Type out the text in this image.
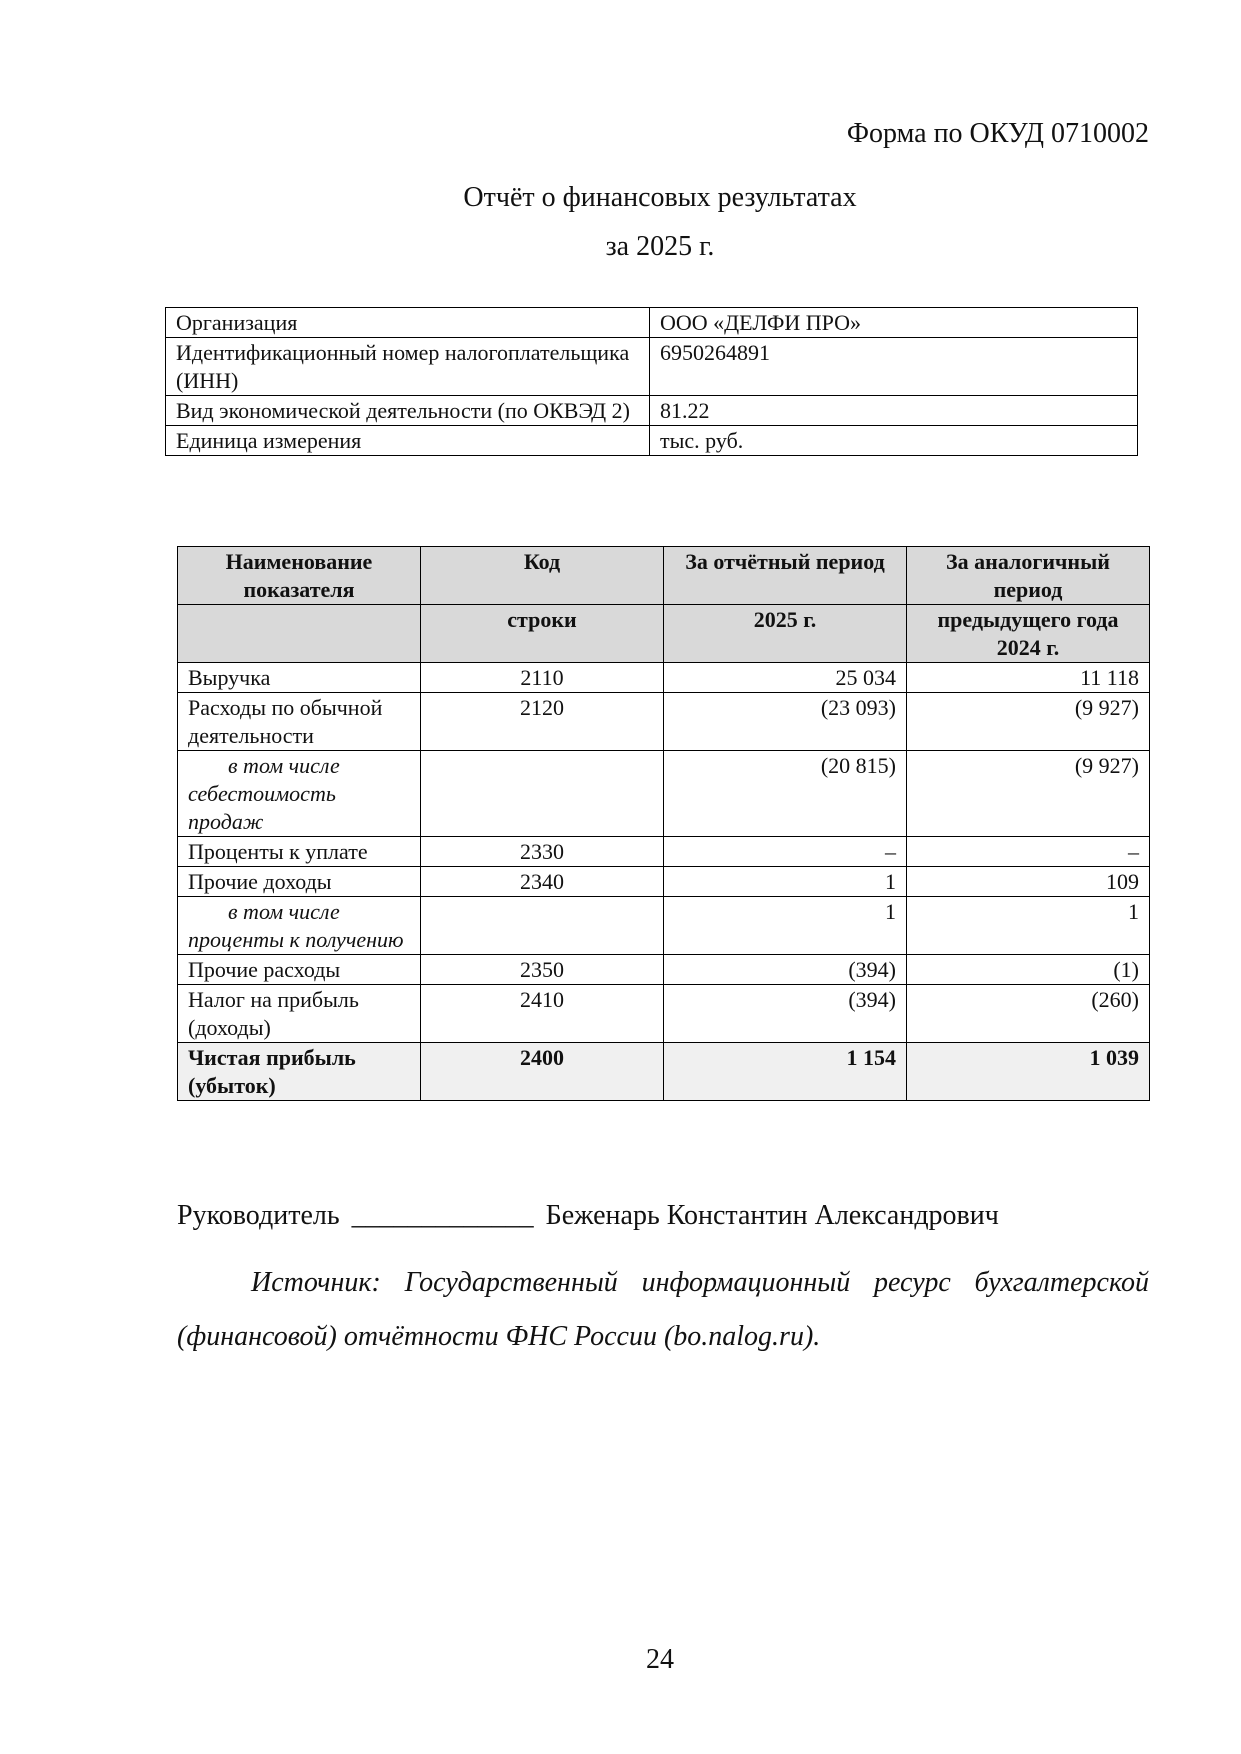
Форма по ОКУД 0710002
Отчёт о финансовых результатах
за 2025 г.
Организация	ООО «ДЕЛФИ ПРО»
Идентификационный номер налогоплательщика (ИНН)	6950264891
Вид экономической деятельности (по ОКВЭД 2)	81.22
Единица измерения	тыс. руб.
Наименование показателя	Код	За отчётный период	За аналогичный период
	строки	2025 г.	предыдущего года 2024 г.
Выручка	2110	25 034	11 118
Расходы по обычной деятельности	2120	(23 093)	(9 927)
в том числе себестоимость продаж		(20 815)	(9 927)
Проценты к уплате	2330	–	–
Прочие доходы	2340	1	109
в том числе проценты к получению		1	1
Прочие расходы	2350	(394)	(1)
Налог на прибыль (доходы)	2410	(394)	(260)
Чистая прибыль (убыток)	2400	1 154	1 039
Руководитель _____________ Беженарь Константин Александрович
Источник: Государственный информационный ресурс бухгалтерской (финансовой) отчётности ФНС России (bo.nalog.ru).
24
